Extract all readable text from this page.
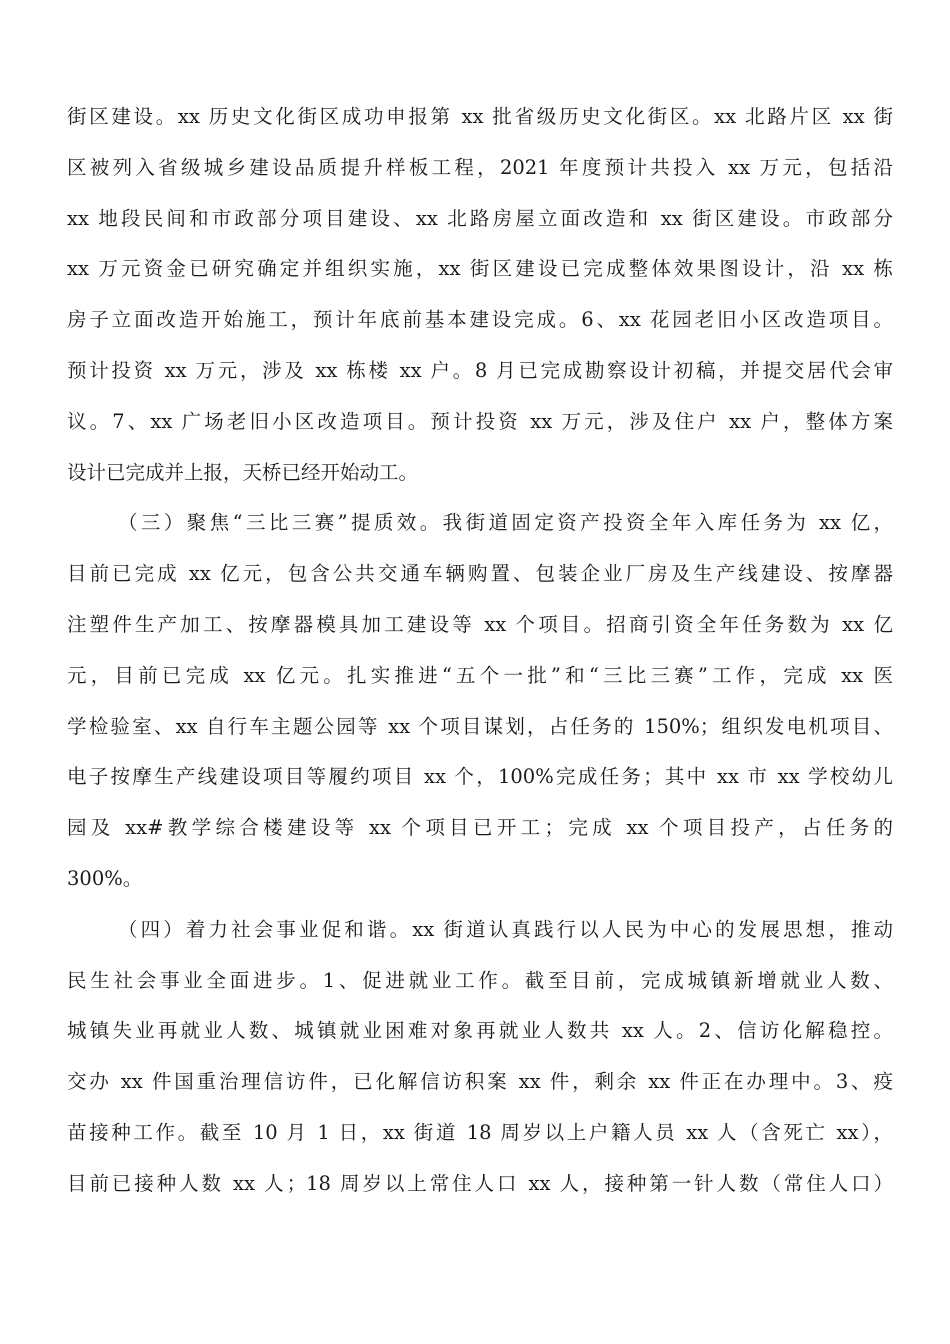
街区建设。xx 历史文化街区成功申报第 xx 批省级历史文化街区。xx 北路片区 xx 街
区被列入省级城乡建设品质提升样板工程，2021 年度预计共投入 xx 万元，包括沿
xx 地段民间和市政部分项目建设、xx 北路房屋立面改造和 xx 街区建设。市政部分
xx 万元资金已研究确定并组织实施，xx 街区建设已完成整体效果图设计，沿 xx 栋
房子立面改造开始施工，预计年底前基本建设完成。6、xx 花园老旧小区改造项目。
预计投资 xx 万元，涉及 xx 栋楼 xx 户。8 月已完成勘察设计初稿，并提交居代会审
议。7、xx 广场老旧小区改造项目。预计投资 xx 万元，涉及住户 xx 户，整体方案
设计已完成并上报，天桥已经开始动工。
（三）聚焦“三比三赛”提质效。我街道固定资产投资全年入库任务为 xx 亿，
目前已完成 xx 亿元，包含公共交通车辆购置、包装企业厂房及生产线建设、按摩器
注塑件生产加工、按摩器模具加工建设等 xx 个项目。招商引资全年任务数为 xx 亿
元，目前已完成 xx 亿元。扎实推进“五个一批”和“三比三赛”工作，完成 xx 医
学检验室、xx 自行车主题公园等 xx 个项目谋划，占任务的 150%；组织发电机项目、
电子按摩生产线建设项目等履约项目 xx 个，100%完成任务；其中 xx 市 xx 学校幼儿
园及 xx#教学综合楼建设等 xx 个项目已开工；完成 xx 个项目投产，占任务的
300%。
（四）着力社会事业促和谐。xx 街道认真践行以人民为中心的发展思想，推动
民生社会事业全面进步。1、促进就业工作。截至目前，完成城镇新增就业人数、
城镇失业再就业人数、城镇就业困难对象再就业人数共 xx 人。2、信访化解稳控。
交办 xx 件国重治理信访件，已化解信访积案 xx 件，剩余 xx 件正在办理中。3、疫
苗接种工作。截至 10 月 1 日，xx 街道 18 周岁以上户籍人员 xx 人（含死亡 xx），
目前已接种人数 xx 人；18 周岁以上常住人口 xx 人，接种第一针人数（常住人口）
